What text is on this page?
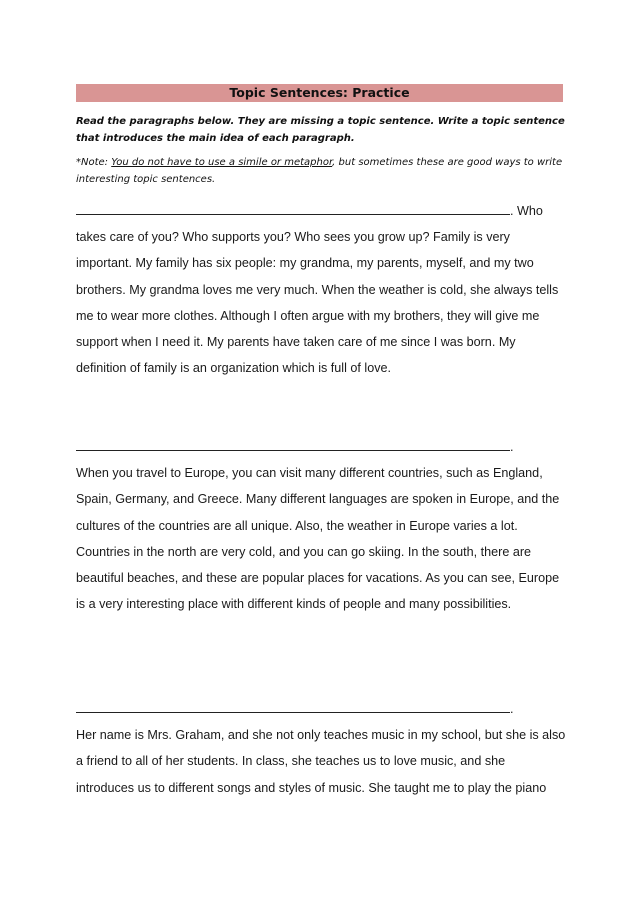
Topic Sentences: Practice

Read the paragraphs below. They are missing a topic sentence. Write a topic sentence that introduces the main idea of each paragraph.

*Note: You do not have to use a simile or metaphor, but sometimes these are good ways to write interesting topic sentences.

. Who
takes care of you? Who supports you? Who sees you grow up? Family is very important. My family has six people: my grandma, my parents, myself, and my two brothers. My grandma loves me very much. When the weather is cold, she always tells me to wear more clothes. Although I often argue with my brothers, they will give me support when I need it. My parents have taken care of me since I was born. My definition of family is an organization which is full of love.

.
When you travel to Europe, you can visit many different countries, such as England, Spain, Germany, and Greece. Many different languages are spoken in Europe, and the cultures of the countries are all unique. Also, the weather in Europe varies a lot. Countries in the north are very cold, and you can go skiing. In the south, there are beautiful beaches, and these are popular places for vacations. As you can see, Europe is a very interesting place with different kinds of people and many possibilities.

.
Her name is Mrs. Graham, and she not only teaches music in my school, but she is also a friend to all of her students. In class, she teaches us to love music, and she introduces us to different songs and styles of music. She taught me to play the piano
